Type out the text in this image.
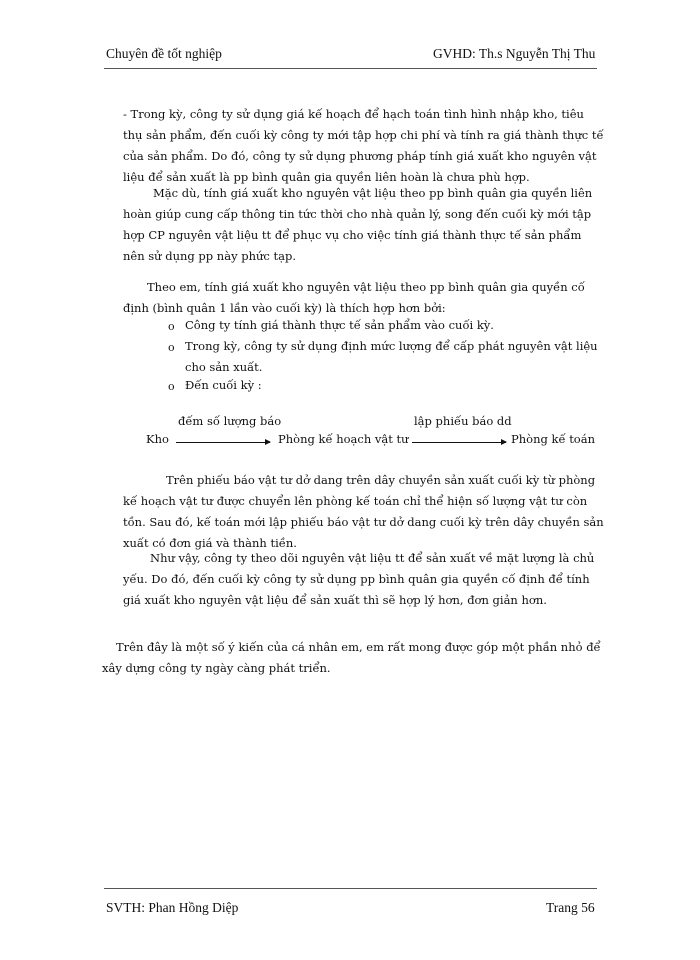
Chuyên đề tốt nghiệp	GVHD: Th.s Nguyễn Thị Thu
- Trong kỳ, công ty sử dụng giá kế hoạch để hạch toán tình hình nhập kho, tiêu
thụ sản phẩm, đến cuối kỳ công ty mới tập hợp chi phí và tính ra giá thành thực tế
của sản phẩm. Do đó, công ty sử dụng phương pháp tính giá xuất kho nguyên vật
liệu để sản xuất là pp bình quân gia quyền liên hoàn là chưa phù hợp.
Mặc dù, tính giá xuất kho nguyên vật liệu theo pp bình quân gia quyền liên
hoàn giúp cung cấp thông tin tức thời cho nhà quản lý, song đến cuối kỳ mới tập
hợp CP nguyên vật liệu tt để phục vụ cho việc tính giá thành thực tế sản phẩm
nên sử dụng pp này phức tạp.
Theo em, tính giá xuất kho nguyên vật liệu theo pp bình quân gia quyền cố
định (bình quân 1 lần vào cuối kỳ) là thích hợp hơn bởi:
o Công ty tính giá thành thực tế sản phẩm vào cuối kỳ.
o Trong kỳ, công ty sử dụng định mức lượng để cấp phát nguyên vật liệu
cho sản xuất.
o Đến cuối kỳ :
đếm số lượng báo
Kho	Phòng kế hoạch vật tư
lập phiếu báo dd
Phòng kế toán
Trên phiếu báo vật tư dở dang trên dây chuyền sản xuất cuối kỳ từ phòng
kế hoạch vật tư được chuyển lên phòng kế toán chỉ thể hiện số lượng vật tư còn
tồn. Sau đó, kế toán mới lập phiếu báo vật tư dở dang cuối kỳ trên dây chuyền sản
xuất có đơn giá và thành tiền.
Như vậy, công ty theo dõi nguyên vật liệu tt để sản xuất về mặt lượng là chủ
yếu. Do đó, đến cuối kỳ công ty sử dụng pp bình quân gia quyền cố định để tính
giá xuất kho nguyên vật liệu để sản xuất thì sẽ hợp lý hơn, đơn giản hơn.
Trên đây là một số ý kiến của cá nhân em, em rất mong được góp một phần nhỏ để
xây dựng công ty ngày càng phát triển.
SVTH: Phan Hồng Diệp	Trang 56
